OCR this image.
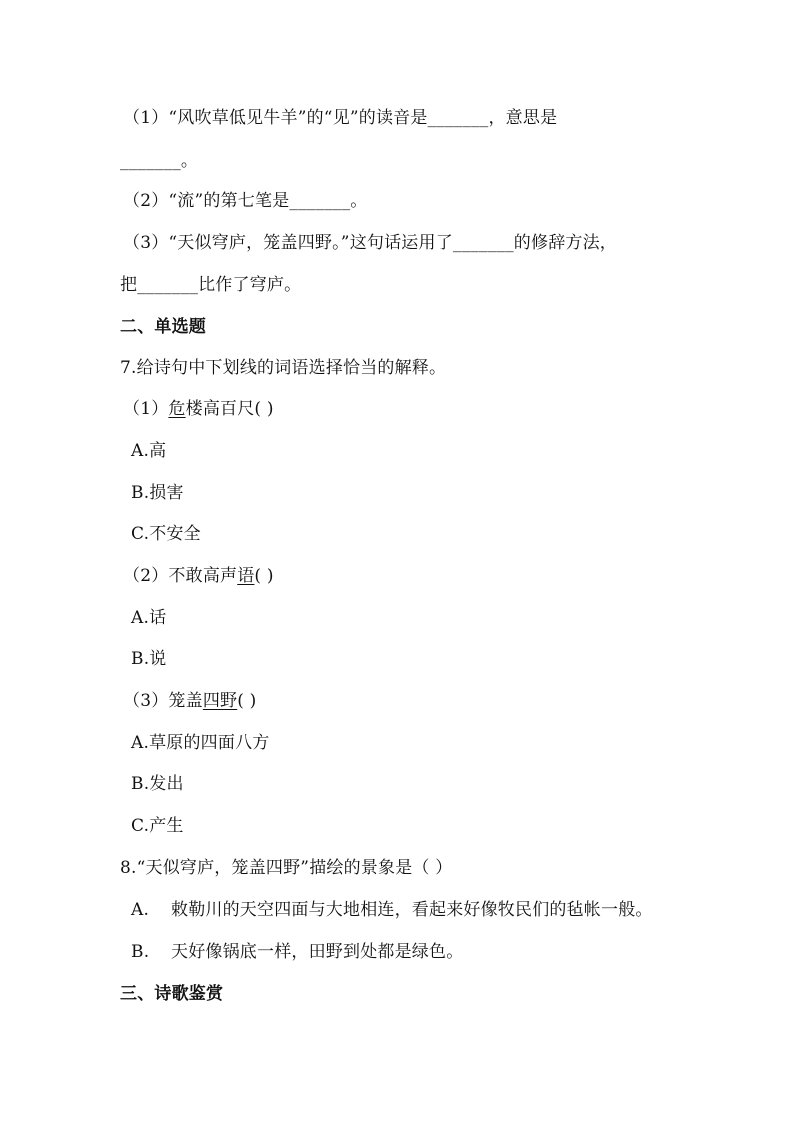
（1）“风吹草低见牛羊”的“见”的读音是_______，意思是
_______。
（2）“流”的第七笔是_______。
（3）“天似穹庐，笼盖四野。”这句话运用了_______的修辞方法，
把_______比作了穹庐。
二、单选题
7.给诗句中下划线的词语选择恰当的解释。
（1）危楼高百尺( )
A.高
B.损害
C.不安全
（2）不敢高声语( )
A.话
B.说
（3）笼盖四野( )
A.草原的四面八方
B.发出
C.产生
8.“天似穹庐，笼盖四野”描绘的景象是（ ）
A. 敕勒川的天空四面与大地相连，看起来好像牧民们的毡帐一般。
B. 天好像锅底一样，田野到处都是绿色。
三、诗歌鉴赏
